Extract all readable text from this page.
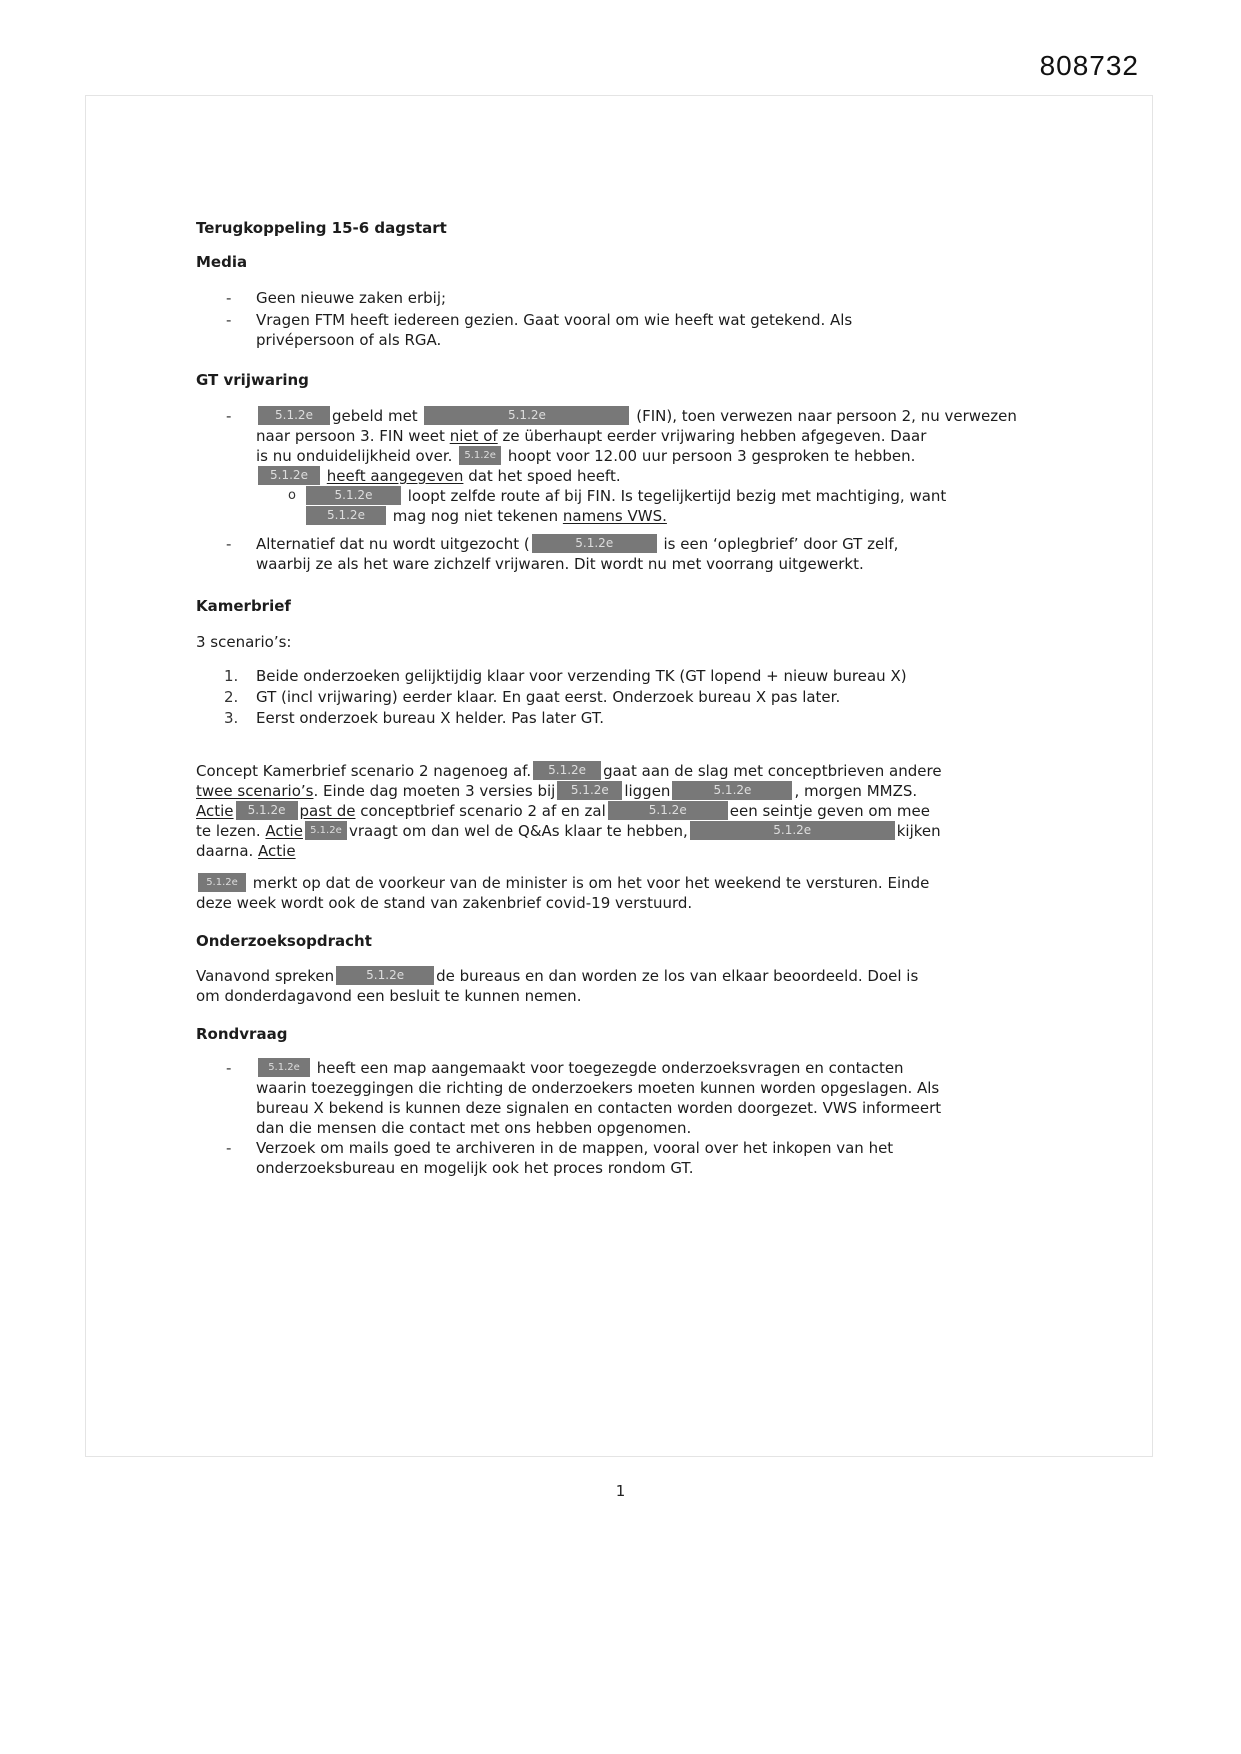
808732
Terugkoppeling 15-6 dagstart
Media
- Geen nieuwe zaken erbij;
- Vragen FTM heeft iedereen gezien. Gaat vooral om wie heeft wat getekend. Als
privépersoon of als RGA.
GT vrijwaring
-	5.1.2e gebeld met	5.1.2e	(FIN), toen verwezen naar persoon 2, nu verwezen
naar persoon 3. FIN weet niet of ze überhaupt eerder vrijwaring hebben afgegeven. Daar
is nu onduidelijkheid over. 5.1.2e hoopt voor 12.00 uur persoon 3 gesproken te hebben.
5.1.2e heeft aangegeven dat het spoed heeft.
o	5.1.2e loopt zelfde route af bij FIN. Is tegelijkertijd bezig met machtiging, want
5.1.2e mag nog niet tekenen namens VWS.
- Alternatief dat nu wordt uitgezocht (	5.1.2e	is een ‘oplegbrief’ door GT zelf,
waarbij ze als het ware zichzelf vrijwaren. Dit wordt nu met voorrang uitgewerkt.
Kamerbrief
3 scenario’s:
1. Beide onderzoeken gelijktijdig klaar voor verzending TK (GT lopend + nieuw bureau X)
2. GT (incl vrijwaring) eerder klaar. En gaat eerst. Onderzoek bureau X pas later.
3. Eerst onderzoek bureau X helder. Pas later GT.
Concept Kamerbrief scenario 2 nagenoeg af. 5.1.2e gaat aan de slag met conceptbrieven andere
twee scenario’s. Einde dag moeten 3 versies bij 5.1.2e liggen	5.1.2e	, morgen MMZS.
Actie 5.1.2e past de conceptbrief scenario 2 af en zal	5.1.2e	een seintje geven om mee
te lezen. Actie 5.1.2e vraagt om dan wel de Q&As klaar te hebben,	5.1.2e	kijken
daarna. Actie
5.1.2e merkt op dat de voorkeur van de minister is om het voor het weekend te versturen. Einde
deze week wordt ook de stand van zakenbrief covid-19 verstuurd.
Onderzoeksopdracht
Vanavond spreken	5.1.2e de bureaus en dan worden ze los van elkaar beoordeeld. Doel is
om donderdagavond een besluit te kunnen nemen.
Rondvraag
-	5.1.2e heeft een map aangemaakt voor toegezegde onderzoeksvragen en contacten
waarin toezeggingen die richting de onderzoekers moeten kunnen worden opgeslagen. Als
bureau X bekend is kunnen deze signalen en contacten worden doorgezet. VWS informeert
dan die mensen die contact met ons hebben opgenomen.
- Verzoek om mails goed te archiveren in de mappen, vooral over het inkopen van het
onderzoeksbureau en mogelijk ook het proces rondom GT.
1
